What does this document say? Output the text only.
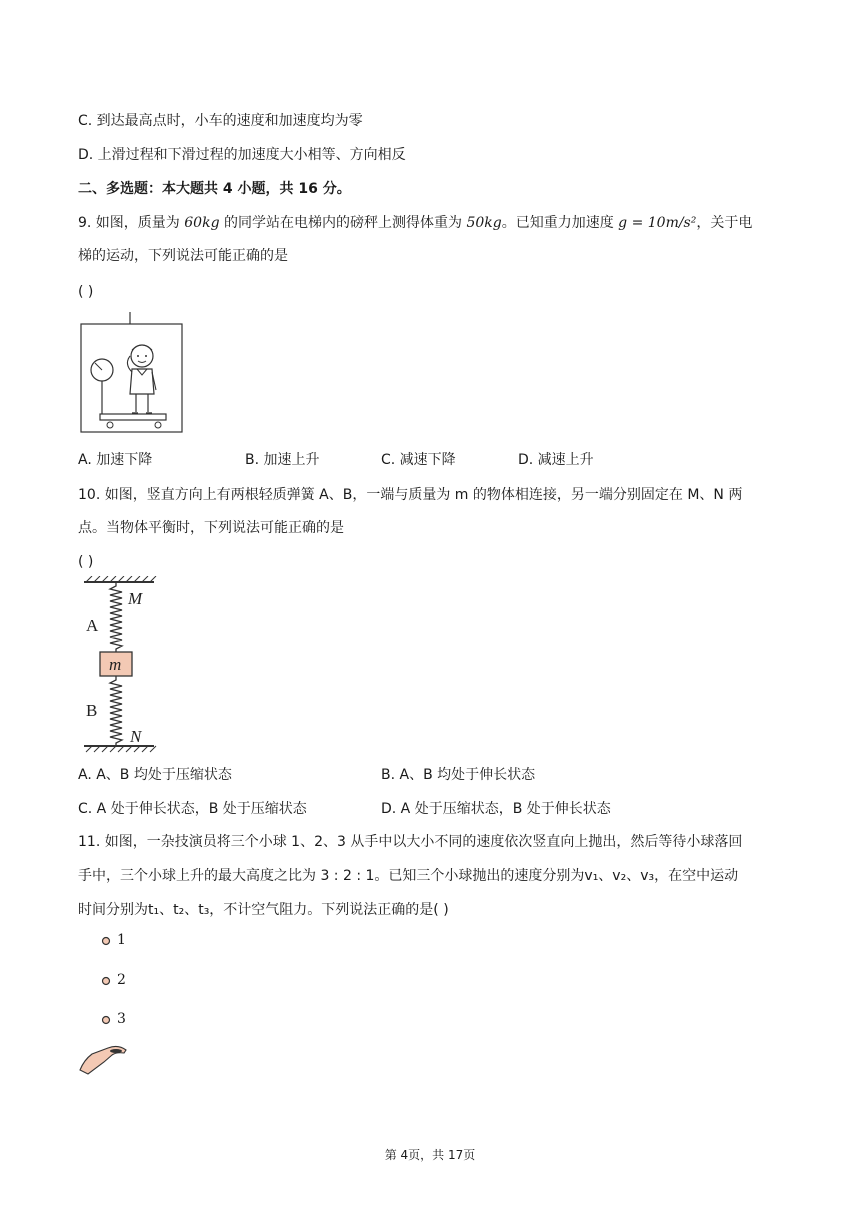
C. 到达最高点时，小车的速度和加速度均为零
D. 上滑过程和下滑过程的加速度大小相等、方向相反
二、多选题：本大题共 4 小题，共 16 分。
9. 如图，质量为 60kg 的同学站在电梯内的磅秤上测得体重为 50kg。已知重力加速度 g = 10m/s²，关于电
梯的运动，下列说法可能正确的是
( )
A. 加速下降	B. 加速上升	C. 减速下降	D. 减速上升
10. 如图，竖直方向上有两根轻质弹簧 A、B，一端与质量为 m 的物体相连接，另一端分别固定在 M、N 两
点。当物体平衡时，下列说法可能正确的是
( )
A
B
m
M
N
A. A、B 均处于压缩状态	B. A、B 均处于伸长状态
C. A 处于伸长状态，B 处于压缩状态	D. A 处于压缩状态，B 处于伸长状态
11. 如图，一杂技演员将三个小球 1、2、3 从手中以大小不同的速度依次竖直向上抛出，然后等待小球落回
手中，三个小球上升的最大高度之比为 3 : 2 : 1。已知三个小球抛出的速度分别为v₁、v₂、v₃，在空中运动
时间分别为t₁、t₂、t₃，不计空气阻力。下列说法正确的是( )
1
2
3
第 4页，共 17页
